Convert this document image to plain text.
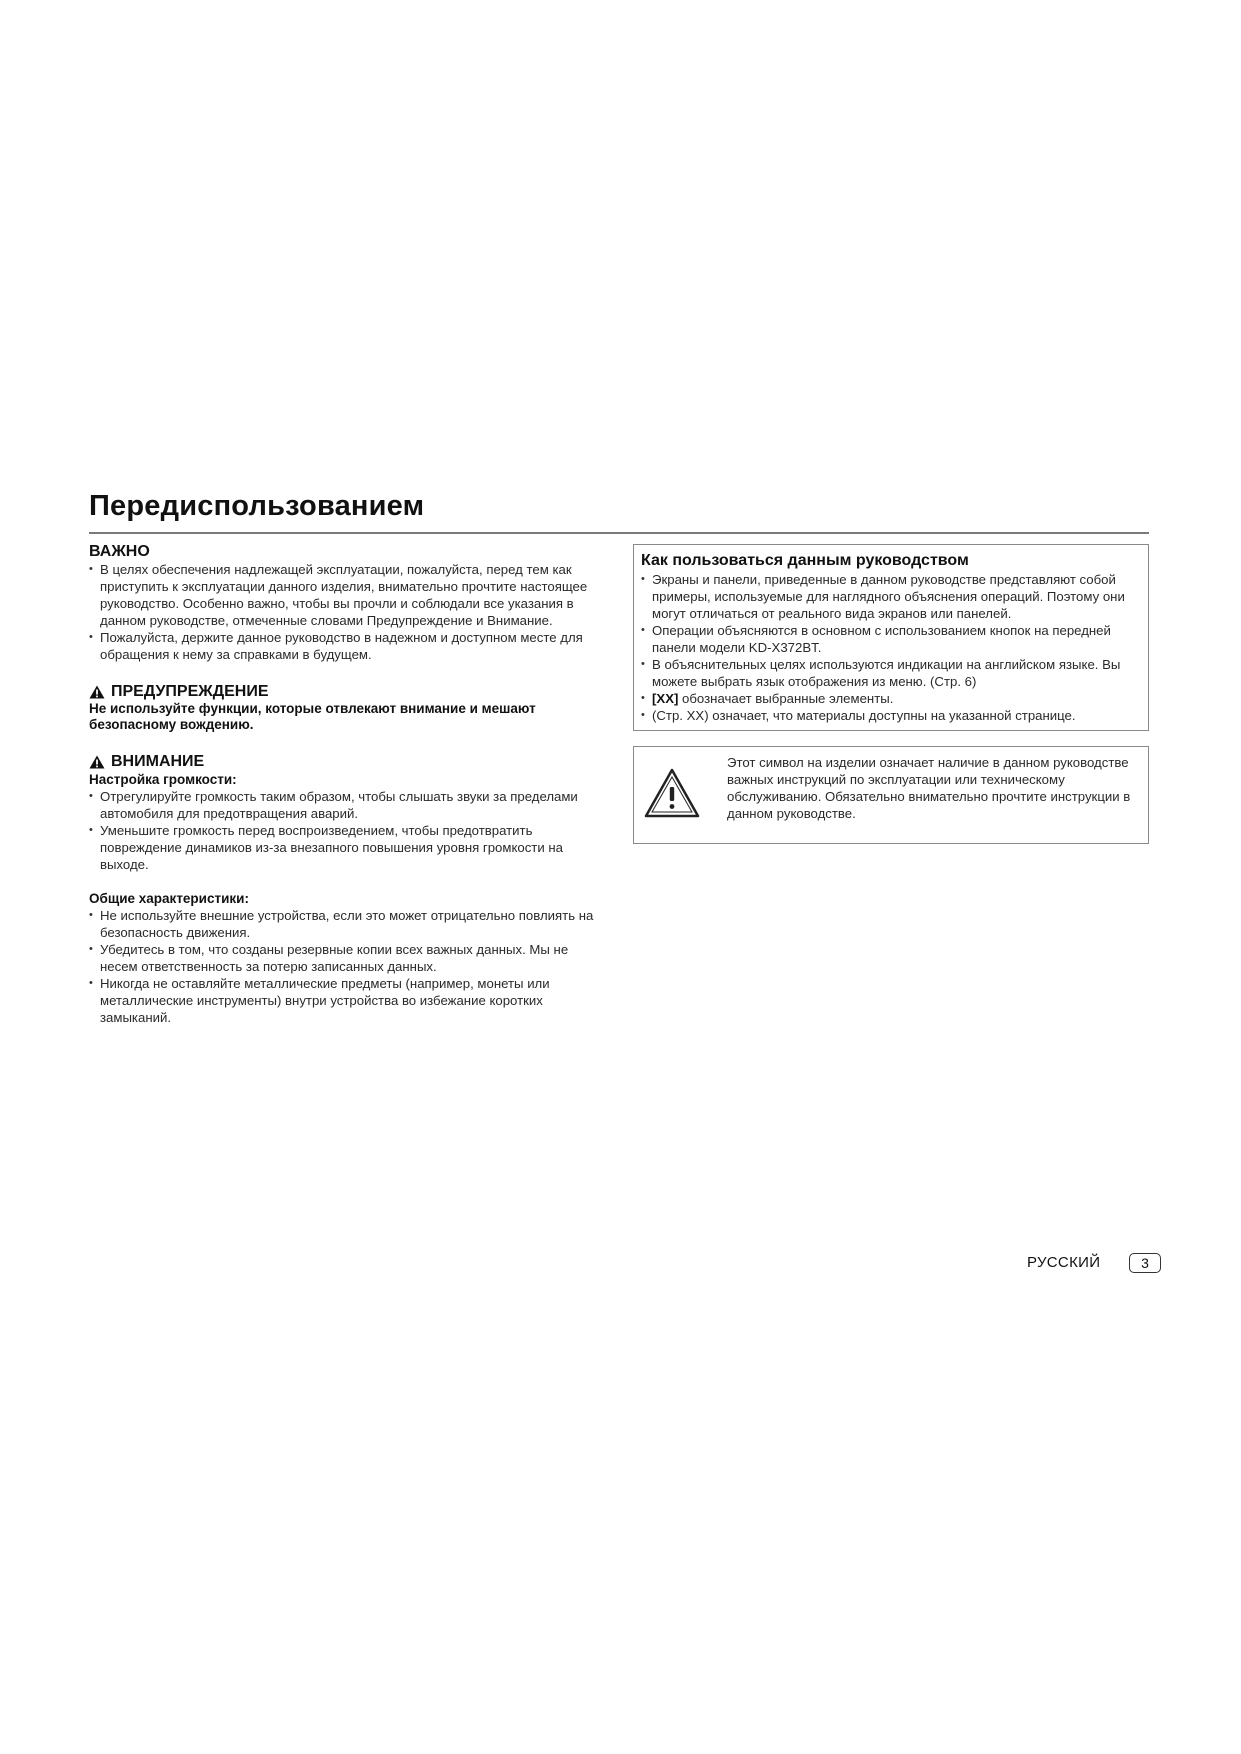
Передиспользованием
ВАЖНО
• В целях обеспечения надлежащей эксплуатации, пожалуйста, перед тем как приступить к эксплуатации данного изделия, внимательно прочтите настоящее руководство. Особенно важно, чтобы вы прочли и соблюдали все указания в данном руководстве, отмеченные словами Предупреждение и Внимание.
• Пожалуйста, держите данное руководство в надежном и доступном месте для обращения к нему за справками в будущем.
ПРЕДУПРЕЖДЕНИЕ

Не используйте функции, которые отвлекают внимание и мешают безопасному вождению.

ВНИМАНИЕ
Настройка громкости:
• Отрегулируйте громкость таким образом, чтобы слышать звуки за пределами автомобиля для предотвращения аварий.
• Уменьшите громкость перед воспроизведением, чтобы предотвратить повреждение динамиков из-за внезапного повышения уровня громкости на выходе.
Общие характеристики:
• Не используйте внешние устройства, если это может отрицательно повлиять на безопасность движения.
• Убедитесь в том, что созданы резервные копии всех важных данных. Мы не несем ответственность за потерю записанных данных.
• Никогда не оставляйте металлические предметы (например, монеты или металлические инструменты) внутри устройства во избежание коротких замыканий.
Как пользоваться данным руководством
• Экраны и панели, приведенные в данном руководстве представляют собой примеры, используемые для наглядного объяснения операций. Поэтому они могут отличаться от реального вида экранов или панелей.
• Операции объясняются в основном с использованием кнопок на передней панели модели KD-X372BT.
• В объяснительных целях используются индикации на английском языке. Вы можете выбрать язык отображения из меню. (Стр. 6)
• [XX] обозначает выбранные элементы.
• (Стр. XX) означает, что материалы доступны на указанной странице.

Этот символ на изделии означает наличие в данном руководстве важных инструкций по эксплуатации или техническому обслуживанию. Обязательно внимательно прочтите инструкции в данном руководстве.

РУССКИЙ	3
